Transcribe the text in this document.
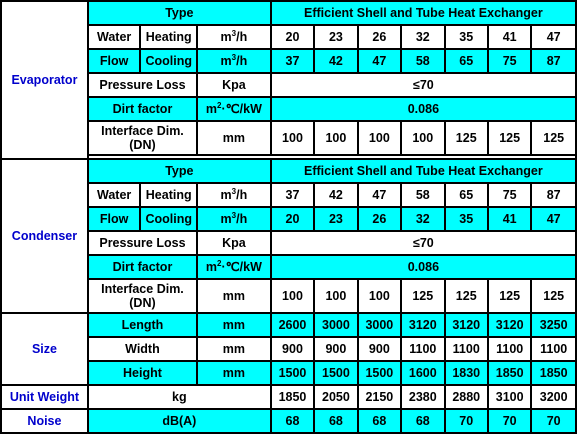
Evaporator	Type			Efficient Shell and Tube Heat Exchanger						
	Water	Heating	$m^3/h$	20	23	26	32	35	41	47
	Flow	Cooling	$m^3/h$	37	42	47	58	65	75	87
	Pressure Loss		Kpa	≤70						
	Dirt factor		$m^2\cdot℃/kW$	0.086						
	Interface Dim.(DN)		mm	100	100	100	100	125	125	125

Condenser	Type			Efficient Shell and Tube Heat Exchanger						
	Water	Heating	$m^3/h$	37	42	47	58	65	75	87
	Flow	Cooling	$m^3/h$	20	23	26	32	35	41	47
	Pressure Loss		Kpa	≤70						
	Dirt factor		$m^2\cdot℃/kW$	0.086						
	Interface Dim.(DN)		mm	100	100	100	125	125	125	125
Size	Length		mm	2600	3000	3000	3120	3120	3120	3250
	Width		mm	900	900	900	1100	1100	1100	1100
	Height		mm	1500	1500	1500	1600	1830	1850	1850
Unit Weight	kg			1850	2050	2150	2380	2880	3100	3200
Noise	dB(A)			68	68	68	68	70	70	70
